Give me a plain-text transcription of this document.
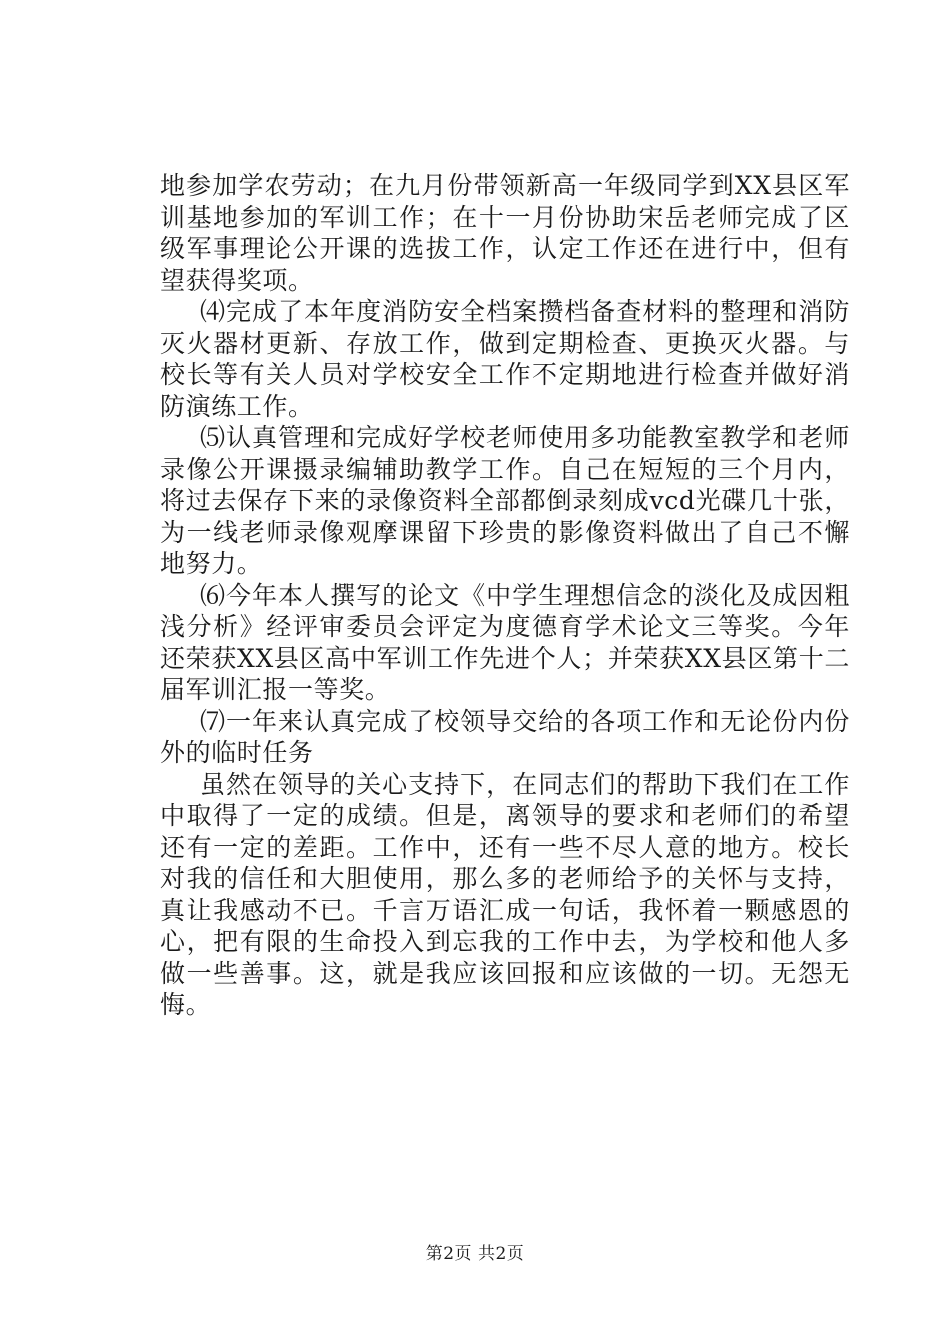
地参加学农劳动；在九月份带领新高一年级同学到XX县区军训基地参加的军训工作；在十一月份协助宋岳老师完成了区级军事理论公开课的选拔工作，认定工作还在进行中，但有望获得奖项。

⑷完成了本年度消防安全档案攒档备查材料的整理和消防灭火器材更新、存放工作，做到定期检查、更换灭火器。与校长等有关人员对学校安全工作不定期地进行检查并做好消防演练工作。

⑸认真管理和完成好学校老师使用多功能教室教学和老师录像公开课摄录编辅助教学工作。自己在短短的三个月内，将过去保存下来的录像资料全部都倒录刻成vcd光碟几十张，为一线老师录像观摩课留下珍贵的影像资料做出了自己不懈地努力。

⑹今年本人撰写的论文《中学生理想信念的淡化及成因粗浅分析》经评审委员会评定为度德育学术论文三等奖。今年还荣获XX县区高中军训工作先进个人；并荣获XX县区第十二届军训汇报一等奖。

⑺一年来认真完成了校领导交给的各项工作和无论份内份外的临时任务

虽然在领导的关心支持下，在同志们的帮助下我们在工作中取得了一定的成绩。但是，离领导的要求和老师们的希望还有一定的差距。工作中，还有一些不尽人意的地方。校长对我的信任和大胆使用，那么多的老师给予的关怀与支持，真让我感动不已。千言万语汇成一句话，我怀着一颗感恩的心，把有限的生命投入到忘我的工作中去，为学校和他人多做一些善事。这，就是我应该回报和应该做的一切。无怨无悔。

第2页 共2页
